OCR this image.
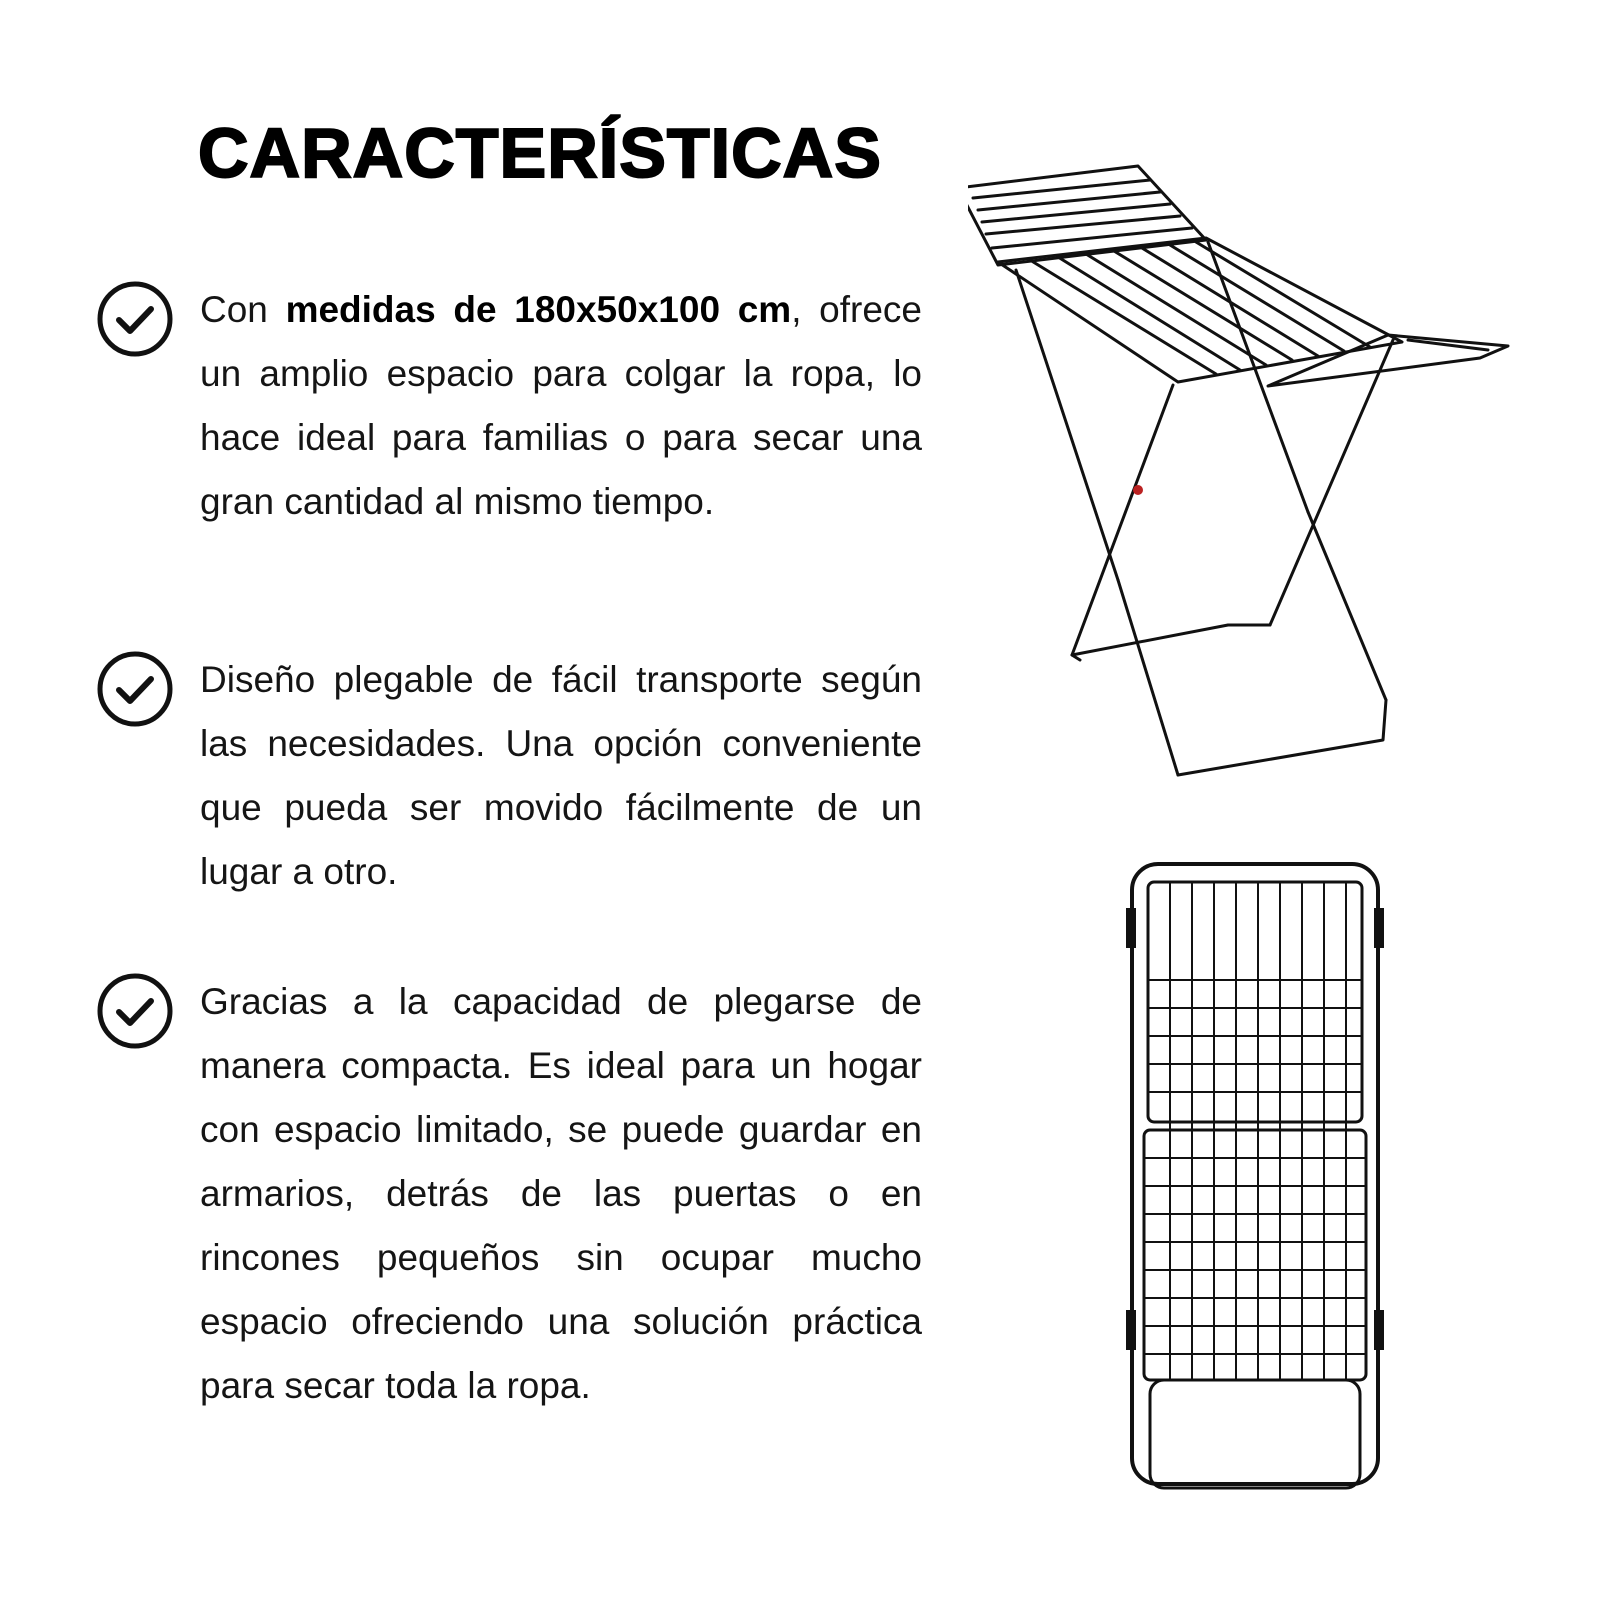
CARACTERÍSTICAS

Con medidas de 180x50x100 cm, ofrece un amplio espacio para colgar la ropa, lo hace ideal para familias o para secar una gran cantidad al mismo tiempo.

Diseño plegable de fácil transporte según las necesidades. Una opción conveniente que pueda ser movido fácilmente de un lugar a otro.

Gracias a la capacidad de plegarse de manera compacta. Es ideal para un hogar con espacio limitado, se puede guardar en armarios, detrás de las puertas o en rincones pequeños sin ocupar mucho espacio ofreciendo una solución práctica para secar toda la ropa.
